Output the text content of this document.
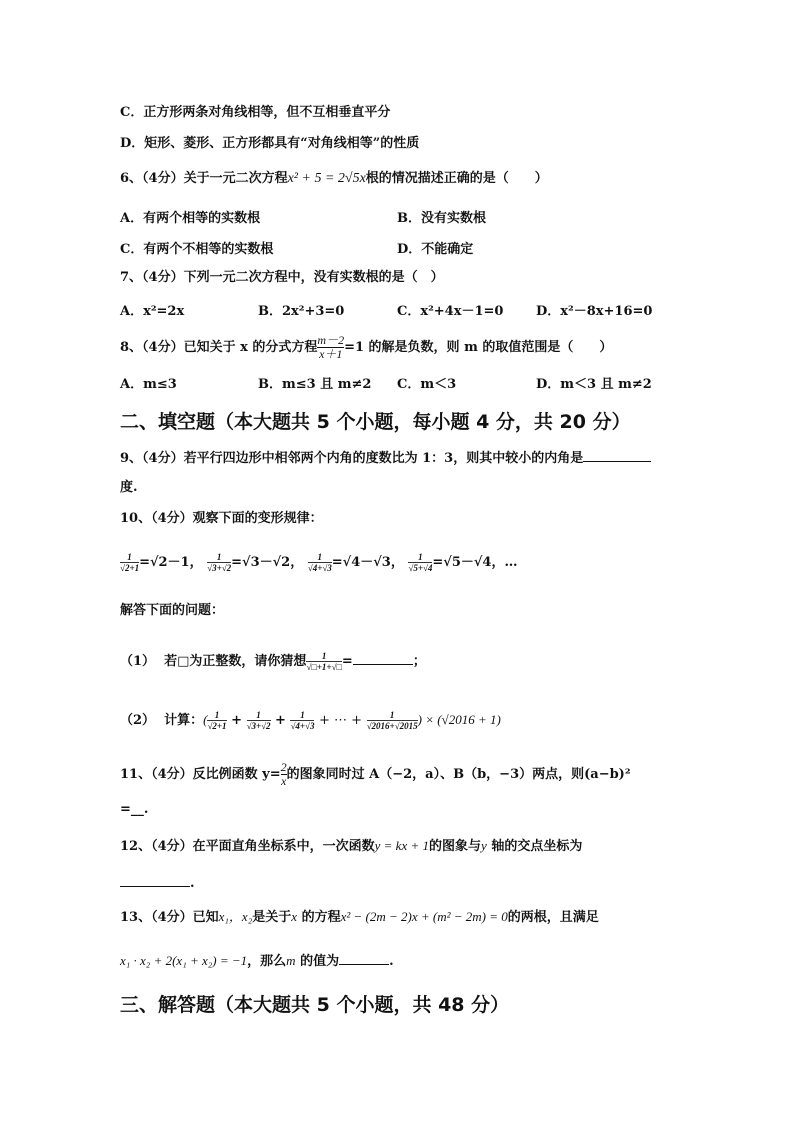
C．正方形两条对角线相等，但不互相垂直平分
D．矩形、菱形、正方形都具有“对角线相等”的性质
6、（4分）关于一元二次方程x² + 5 = 2√5x根的情况描述正确的是（　　）
A．有两个相等的实数根	B．没有实数根
C．有两个不相等的实数根	D．不能确定
7、（4分）下列一元二次方程中，没有实数根的是（　）
A．x²=2x	B．2x²+3=0	C．x²+4x－1=0	D．x²－8x+16=0
8、（4分）已知关于 x 的分式方程 $\frac{m-2}{x+1} =1$ 的解是负数，则 m 的取值范围是（　　）
A．m≤3	B．m≤3 且 m≠2 C．m＜3	D．m＜3 且 m≠2
二、填空题（本大题共 5 个小题，每小题 4 分，共 20 分）
9、（4分）若平行四边形中相邻两个内角的度数比为 1：3，则其中较小的内角是
度.
10、（4分）观察下面的变形规律：
$\frac{1}{√2+1} =√2-1$， $\frac{1}{√3+√2} =√3-√2$， $\frac{1}{√4+√3} =√4-√3$， $\frac{1}{√5+√4} =√5-√4$，…
解答下面的问题：
（1） 若□为正整数，请你猜想 $\frac{1}{√□+1+√□}$ =	；
（2） 计算：( $\frac{1}{√2+1} + \frac{1}{√3+√2} + \frac{1}{√4+√3}$ + ⋯ + $\frac{1}{√2016+√2015}$ ) × (√2016 + 1)
11、（4分）反比例函数 $y= \frac{2}{x}$ 的图象同时过 A（−2，a）、B（b，−3）两点，则(a−b)²
=__.
12、（4分）在平面直角坐标系中，一次函数y = kx + 1的图象与y 轴的交点坐标为
.
13、（4分）已知x₁，x₂是关于x 的方程x² − (2m − 2)x + (m² − 2m) = 0的两根，且满足
x₁ · x₂ + 2(x₁ + x₂) = −1，那么m 的值为	.
三、解答题（本大题共 5 个小题，共 48 分）
